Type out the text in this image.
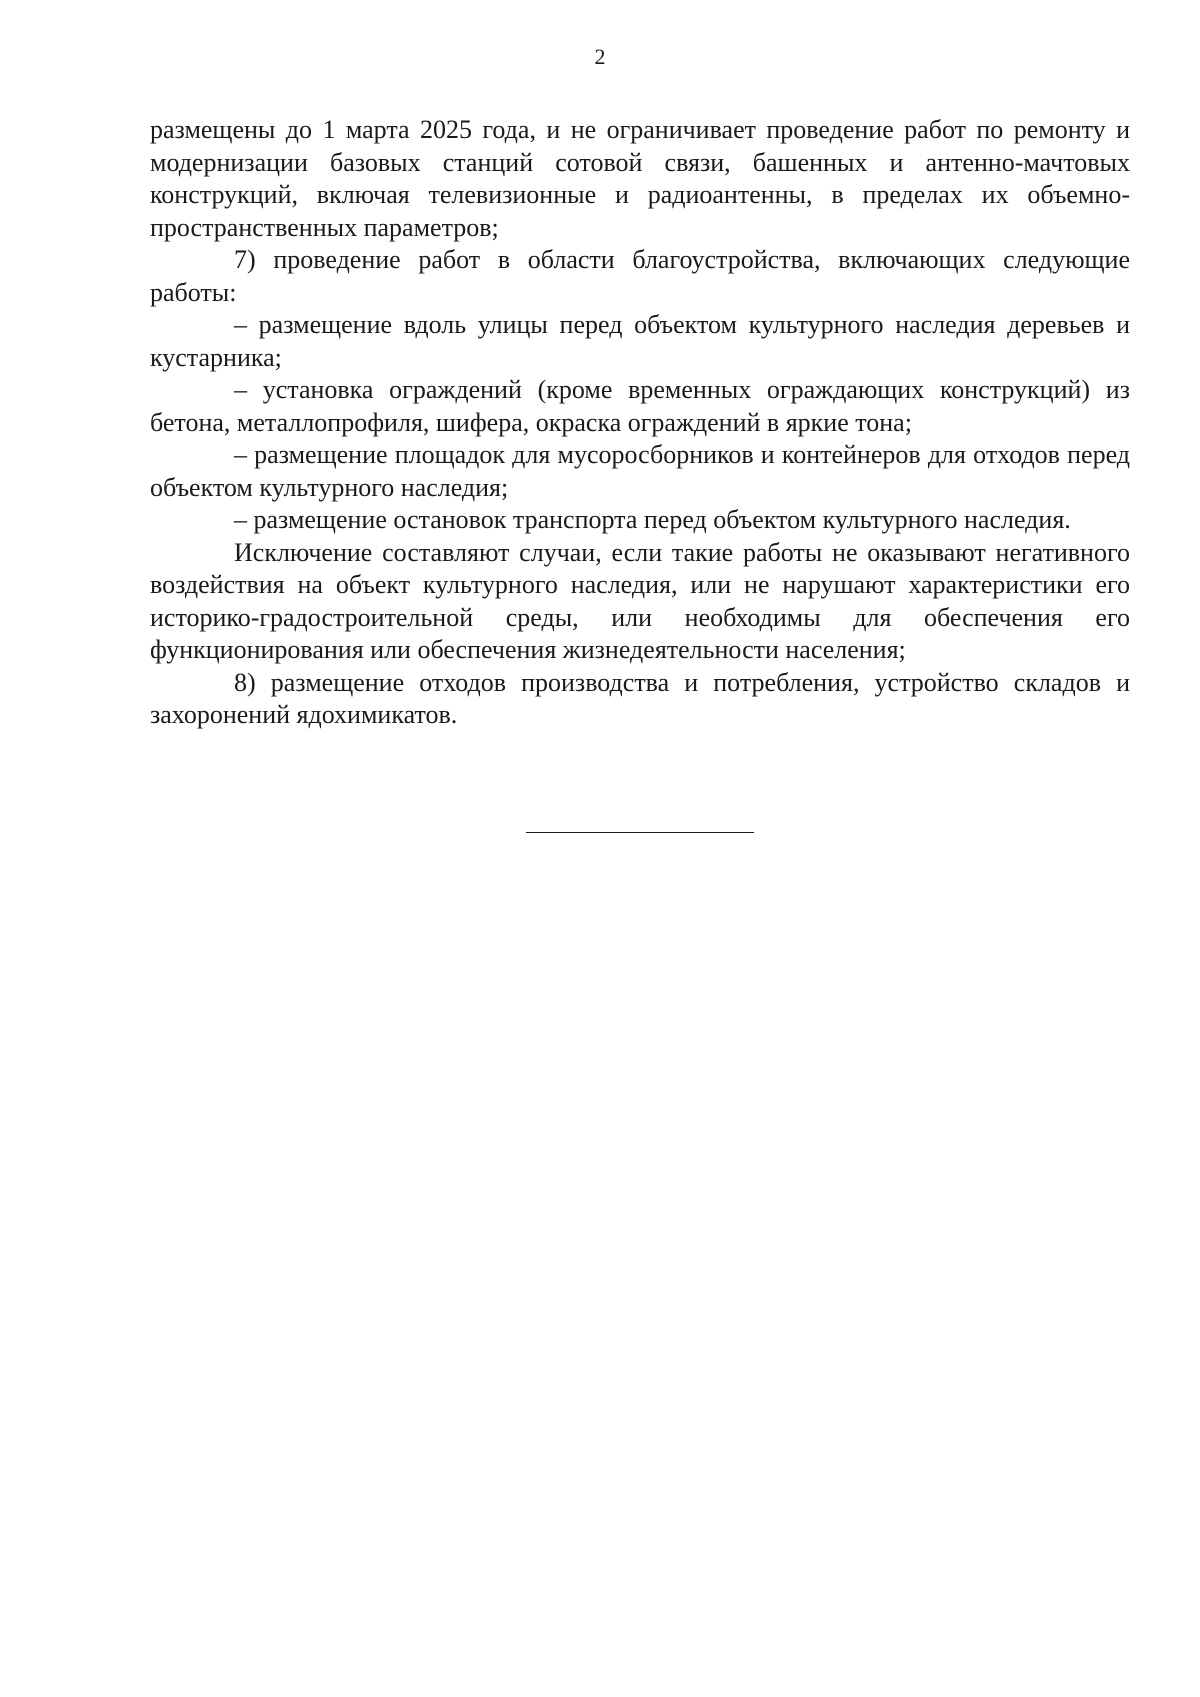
2

размещены до 1 марта 2025 года, и не ограничивает проведение работ по ремонту и модернизации базовых станций сотовой связи, башенных и антенно-мачтовых конструкций, включая телевизионные и радиоантенны, в пределах их объемно- пространственных параметров;

7) проведение работ в области благоустройства, включающих следующие работы:

– размещение вдоль улицы перед объектом культурного наследия деревьев и кустарника;

– установка ограждений (кроме временных ограждающих конструкций) из бетона, металлопрофиля, шифера, окраска ограждений в яркие тона;

– размещение площадок для мусоросборников и контейнеров для отходов перед объектом культурного наследия;

– размещение остановок транспорта перед объектом культурного наследия.

Исключение составляют случаи, если такие работы не оказывают негативного воздействия на объект культурного наследия, или не нарушают характеристики его историко-градостроительной среды, или необходимы для обеспечения его функционирования или обеспечения жизнедеятельности населения;

8) размещение отходов производства и потребления, устройство складов и захоронений ядохимикатов.
